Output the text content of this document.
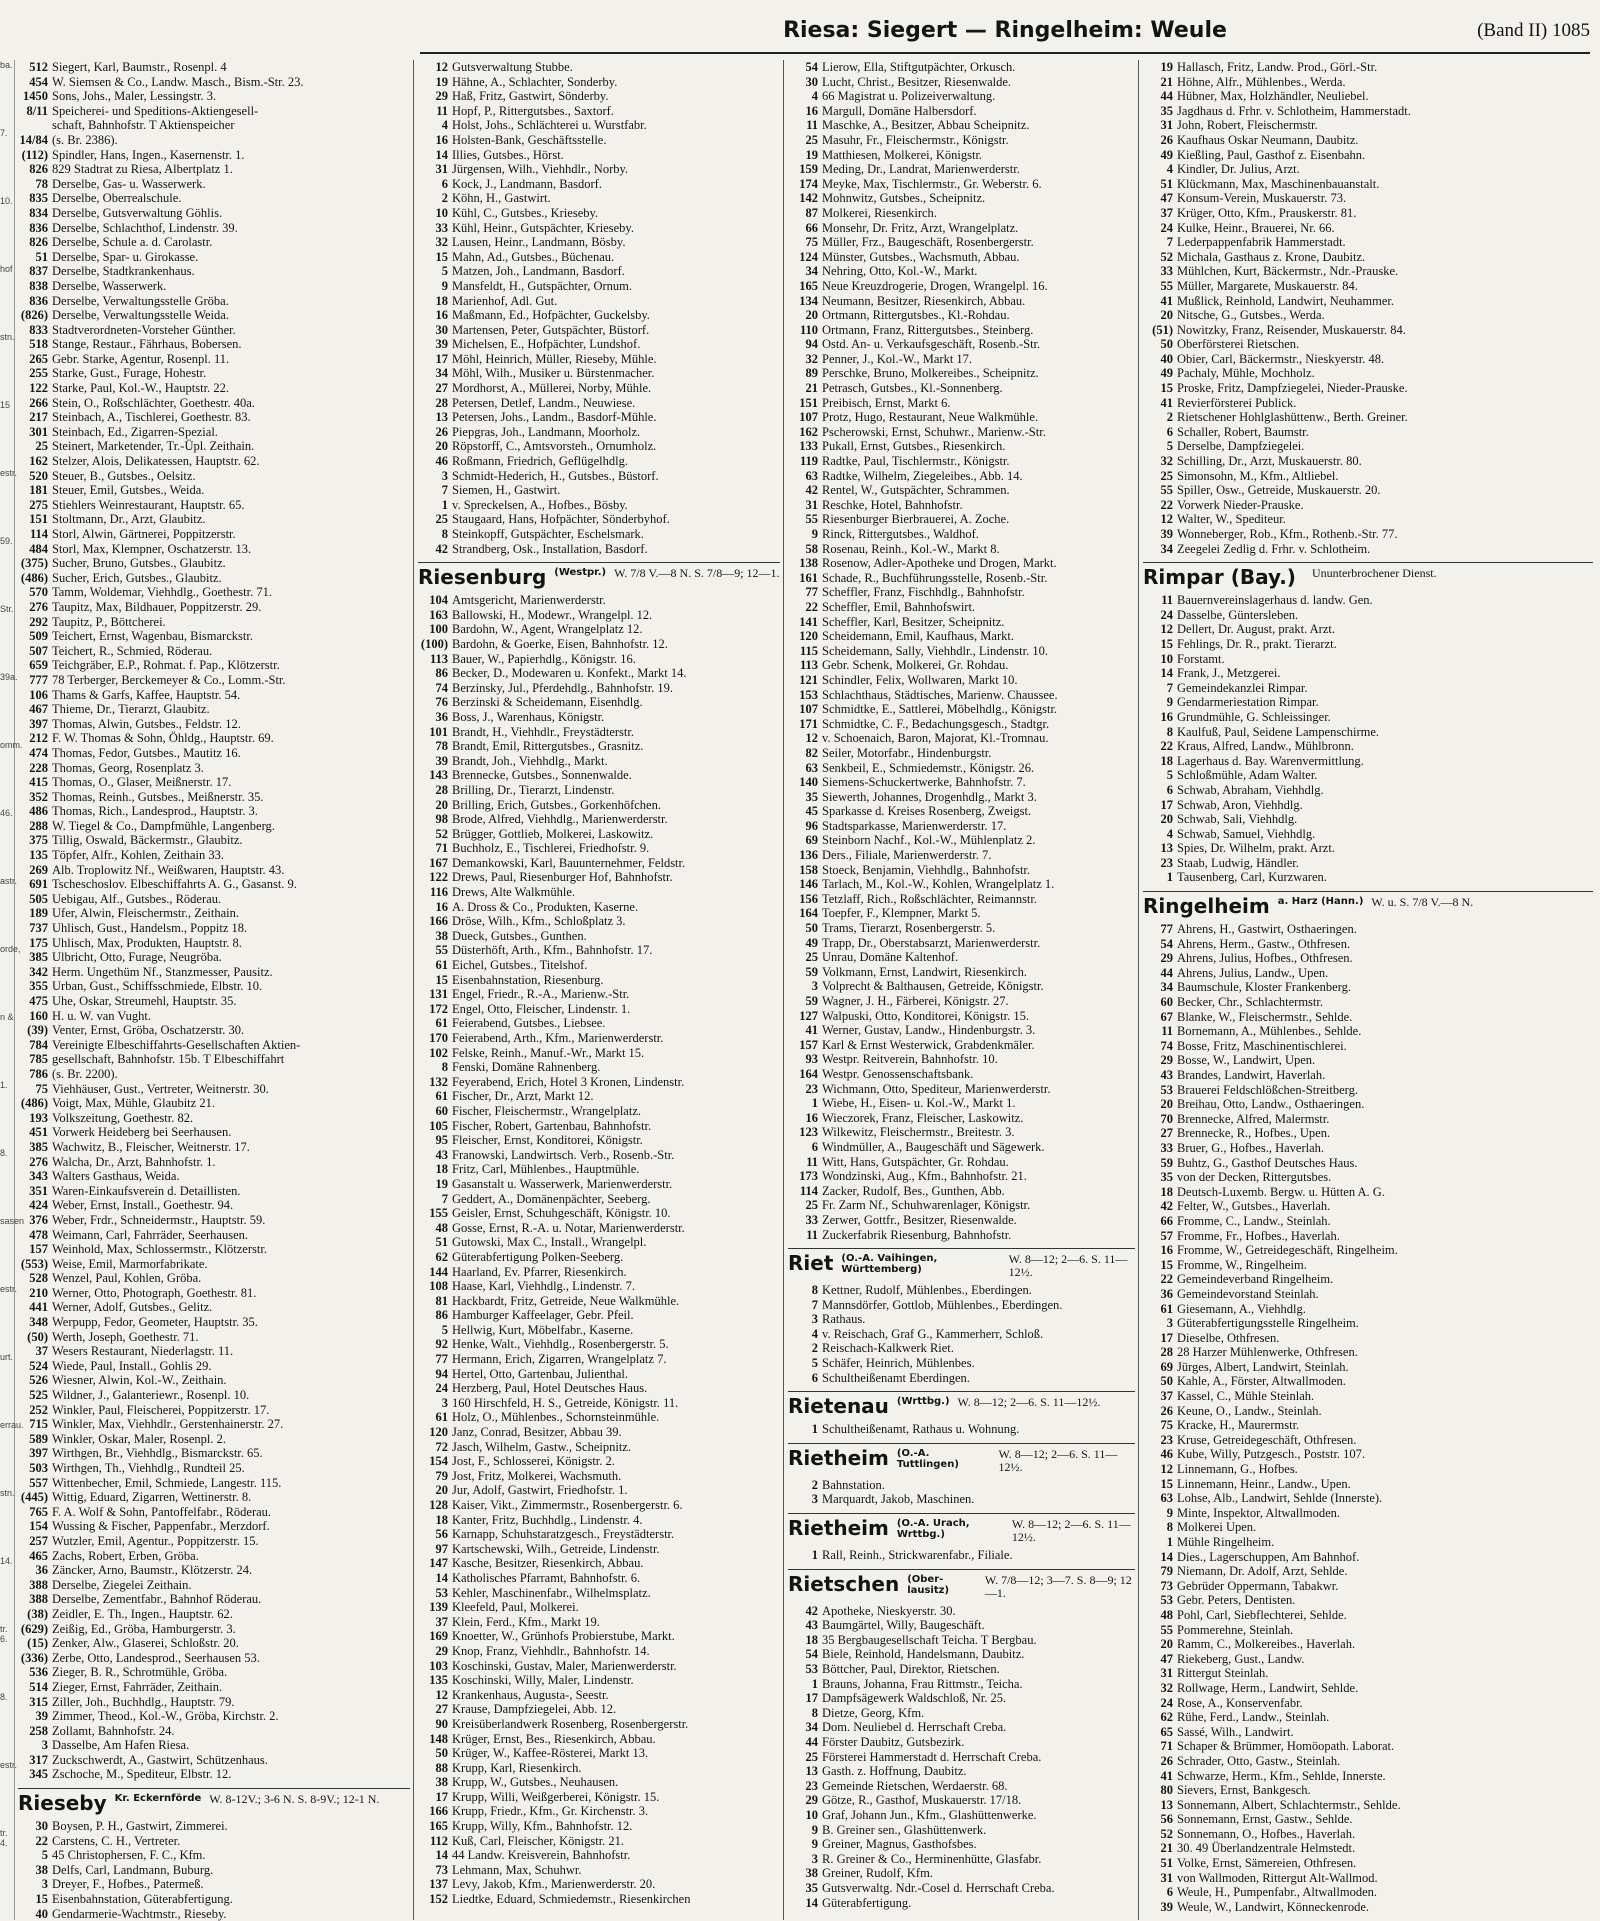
Riesa: Siegert — Ringelheim: Weule	(Band II) 1085
ba.
7.
10.
hof
stn.
15
estr.
59.
Str.
39a.
omm.
46.
astr.
orde,
n &
1.
8.
sasen
estr.
urt.
errau.
stn.
14.
tr. 6.
8.
estr.
tr. 4.
512 Siegert, Karl, Baumstr., Rosenpl. 4
454 W. Siemsen & Co., Landw. Masch., Bism.-Str. 23.
1450 Sons, Johs., Maler, Lessingstr. 3.
8/11 Speicherei- und Speditions-Aktiengesell-
schaft, Bahnhofstr. T Aktienspeicher
14/84 (s. Br. 2386).
(112) Spindler, Hans, Ingen., Kasernenstr. 1.
826 829 Stadtrat zu Riesa, Albertplatz 1.
78 Derselbe, Gas- u. Wasserwerk.
835 Derselbe, Oberrealschule.
834 Derselbe, Gutsverwaltung Göhlis.
836 Derselbe, Schlachthof, Lindenstr. 39.
826 Derselbe, Schule a. d. Carolastr.
51 Derselbe, Spar- u. Girokasse.
837 Derselbe, Stadtkrankenhaus.
838 Derselbe, Wasserwerk.
836 Derselbe, Verwaltungsstelle Gröba.
(826) Derselbe, Verwaltungsstelle Weida.
833 Stadtverordneten-Vorsteher Günther.
518 Stange, Restaur., Fährhaus, Bobersen.
265 Gebr. Starke, Agentur, Rosenpl. 11.
255 Starke, Gust., Furage, Hohestr.
122 Starke, Paul, Kol.-W., Hauptstr. 22.
266 Stein, O., Roßschlächter, Goethestr. 40a.
217 Steinbach, A., Tischlerei, Goethestr. 83.
301 Steinbach, Ed., Zigarren-Spezial.
25 Steinert, Marketender, Tr.-Üpl. Zeithain.
162 Stelzer, Alois, Delikatessen, Hauptstr. 62.
520 Steuer, B., Gutsbes., Oelsitz.
181 Steuer, Emil, Gutsbes., Weida.
275 Stiehlers Weinrestaurant, Hauptstr. 65.
151 Stoltmann, Dr., Arzt, Glaubitz.
114 Storl, Alwin, Gärtnerei, Poppitzerstr.
484 Storl, Max, Klempner, Oschatzerstr. 13.
(375) Sucher, Bruno, Gutsbes., Glaubitz.
(486) Sucher, Erich, Gutsbes., Glaubitz.
570 Tamm, Woldemar, Viehhdlg., Goethestr. 71.
276 Taupitz, Max, Bildhauer, Poppitzerstr. 29.
292 Taupitz, P., Böttcherei.
509 Teichert, Ernst, Wagenbau, Bismarckstr.
507 Teichert, R., Schmied, Röderau.
659 Teichgräber, E.P., Rohmat. f. Pap., Klötzerstr.
777 78 Terberger, Berckemeyer & Co., Lomm.-Str.
106 Thams & Garfs, Kaffee, Hauptstr. 54.
467 Thieme, Dr., Tierarzt, Glaubitz.
397 Thomas, Alwin, Gutsbes., Feldstr. 12.
212 F. W. Thomas & Sohn, Öhldg., Hauptstr. 69.
474 Thomas, Fedor, Gutsbes., Mautitz 16.
228 Thomas, Georg, Rosenplatz 3.
415 Thomas, O., Glaser, Meißnerstr. 17.
352 Thomas, Reinh., Gutsbes., Meißnerstr. 35.
486 Thomas, Rich., Landesprod., Hauptstr. 3.
288 W. Tiegel & Co., Dampfmühle, Langenberg.
375 Tillig, Oswald, Bäckermstr., Glaubitz.
135 Töpfer, Alfr., Kohlen, Zeithain 33.
269 Alb. Troplowitz Nf., Weißwaren, Hauptstr. 43.
691 Tscheschoslov. Elbeschiffahrts A. G., Gasanst. 9.
505 Uebigau, Alf., Gutsbes., Röderau.
189 Ufer, Alwin, Fleischermstr., Zeithain.
737 Uhlisch, Gust., Handelsm., Poppitz 18.
175 Uhlisch, Max, Produkten, Hauptstr. 8.
385 Ulbricht, Otto, Furage, Neugröba.
342 Herm. Ungethüm Nf., Stanzmesser, Pausitz.
355 Urban, Gust., Schiffsschmiede, Elbstr. 10.
475 Uhe, Oskar, Streumehl, Hauptstr. 35.
160 H. u. W. van Vught.
(39) Venter, Ernst, Gröba, Oschatzerstr. 30.
784 Vereinigte Elbeschiffahrts-Gesellschaften Aktien-
785 gesellschaft, Bahnhofstr. 15b. T Elbeschiffahrt
786 (s. Br. 2200).
75 Viehhäuser, Gust., Vertreter, Weitnerstr. 30.
(486) Voigt, Max, Mühle, Glaubitz 21.
193 Volkszeitung, Goethestr. 82.
451 Vorwerk Heideberg bei Seerhausen.
385 Wachwitz, B., Fleischer, Weitnerstr. 17.
276 Walcha, Dr., Arzt, Bahnhofstr. 1.
343 Walters Gasthaus, Weida.
351 Waren-Einkaufsverein d. Detaillisten.
424 Weber, Ernst, Install., Goethestr. 94.
376 Weber, Frdr., Schneidermstr., Hauptstr. 59.
478 Weimann, Carl, Fahrräder, Seerhausen.
157 Weinhold, Max, Schlossermstr., Klötzerstr.
(553) Weise, Emil, Marmorfabrikate.
528 Wenzel, Paul, Kohlen, Gröba.
210 Werner, Otto, Photograph, Goethestr. 81.
441 Werner, Adolf, Gutsbes., Gelitz.
348 Werpupp, Fedor, Geometer, Hauptstr. 35.
(50) Werth, Joseph, Goethestr. 71.
37 Wesers Restaurant, Niederlagstr. 11.
524 Wiede, Paul, Install., Gohlis 29.
526 Wiesner, Alwin, Kol.-W., Zeithain.
525 Wildner, J., Galanteriewr., Rosenpl. 10.
252 Winkler, Paul, Fleischerei, Poppitzerstr. 17.
715 Winkler, Max, Viehhdlr., Gerstenhainerstr. 27.
589 Winkler, Oskar, Maler, Rosenpl. 2.
397 Wirthgen, Br., Viehhdlg., Bismarckstr. 65.
503 Wirthgen, Th., Viehhdlg., Rundteil 25.
557 Wittenbecher, Emil, Schmiede, Langestr. 115.
(445) Wittig, Eduard, Zigarren, Wettinerstr. 8.
765 F. A. Wolf & Sohn, Pantoffelfabr., Röderau.
154 Wussing & Fischer, Pappenfabr., Merzdorf.
257 Wutzler, Emil, Agentur., Poppitzerstr. 15.
465 Zachs, Robert, Erben, Gröba.
36 Zäncker, Arno, Baumstr., Klötzerstr. 24.
388 Derselbe, Ziegelei Zeithain.
388 Derselbe, Zementfabr., Bahnhof Röderau.
(38) Zeidler, E. Th., Ingen., Hauptstr. 62.
(629) Zeißig, Ed., Gröba, Hamburgerstr. 3.
(15) Zenker, Alw., Glaserei, Schloßstr. 20.
(336) Zerbe, Otto, Landesprod., Seerhausen 53.
536 Zieger, B. R., Schrotmühle, Gröba.
514 Zieger, Ernst, Fahrräder, Zeithain.
315 Ziller, Joh., Buchhdlg., Hauptstr. 79.
39 Zimmer, Theod., Kol.-W., Gröba, Kirchstr. 2.
258 Zollamt, Bahnhofstr. 24.
3 Dasselbe, Am Hafen Riesa.
317 Zuckschwerdt, A., Gastwirt, Schützenhaus.
345 Zschoche, M., Spediteur, Elbstr. 12.
Rieseby Kr. Eckernförde W. 8-12V.; 3-6 N. S. 8-9V.; 12-1 N.
30 Boysen, P. H., Gastwirt, Zimmerei.
22 Carstens, C. H., Vertreter.
5 45 Christophersen, F. C., Kfm.
38 Delfs, Carl, Landmann, Buburg.
3 Dreyer, F., Hofbes., Patermeß.
15 Eisenbahnstation, Güterabfertigung.
40 Gendarmerie-Wachtmstr., Rieseby.
12 Gutsverwaltung Stubbe.
19 Hähne, A., Schlachter, Sonderby.
29 Haß, Fritz, Gastwirt, Sönderby.
11 Hopf, P., Rittergutsbes., Saxtorf.
4 Holst, Johs., Schlächterei u. Wurstfabr.
16 Holsten-Bank, Geschäftsstelle.
14 Illies, Gutsbes., Hörst.
31 Jürgensen, Wilh., Viehhdlr., Norby.
6 Kock, J., Landmann, Basdorf.
2 Köhn, H., Gastwirt.
10 Kühl, C., Gutsbes., Krieseby.
33 Kühl, Heinr., Gutspächter, Krieseby.
32 Lausen, Heinr., Landmann, Bösby.
15 Mahn, Ad., Gutsbes., Büchenau.
5 Matzen, Joh., Landmann, Basdorf.
9 Mansfeldt, H., Gutspächter, Ornum.
18 Marienhof, Adl. Gut.
16 Maßmann, Ed., Hofpächter, Guckelsby.
30 Martensen, Peter, Gutspächter, Büstorf.
39 Michelsen, E., Hofpächter, Lundshof.
17 Möhl, Heinrich, Müller, Rieseby, Mühle.
34 Möhl, Wilh., Musiker u. Bürstenmacher.
27 Mordhorst, A., Müllerei, Norby, Mühle.
28 Petersen, Detlef, Landm., Neuwiese.
13 Petersen, Johs., Landm., Basdorf-Mühle.
26 Piepgras, Joh., Landmann, Moorholz.
20 Röpstorff, C., Amtsvorsteh., Ornumholz.
46 Roßmann, Friedrich, Geflügelhdlg.
3 Schmidt-Hederich, H., Gutsbes., Büstorf.
7 Siemen, H., Gastwirt.
1 v. Spreckelsen, A., Hofbes., Bösby.
25 Staugaard, Hans, Hofpächter, Sönderbyhof.
8 Steinkopff, Gutspächter, Eschelsmark.
42 Strandberg, Osk., Installation, Basdorf.
Riesenburg (Westpr.) W. 7/8 V.—8 N. S. 7/8—9; 12—1.
104 Amtsgericht, Marienwerderstr.
163 Ballowski, H., Modewr., Wrangelpl. 12.
100 Bardohn, W., Agent, Wrangelplatz 12.
(100) Bardohn, & Goerke, Eisen, Bahnhofstr. 12.
113 Bauer, W., Papierhdlg., Königstr. 16.
86 Becker, D., Modewaren u. Konfekt., Markt 14.
74 Berzinsky, Jul., Pferdehdlg., Bahnhofstr. 19.
76 Berzinski & Scheidemann, Eisenhdlg.
36 Boss, J., Warenhaus, Königstr.
101 Brandt, H., Viehhdlr., Freystädterstr.
78 Brandt, Emil, Rittergutsbes., Grasnitz.
39 Brandt, Joh., Viehhdlg., Markt.
143 Brennecke, Gutsbes., Sonnenwalde.
28 Brilling, Dr., Tierarzt, Lindenstr.
20 Brilling, Erich, Gutsbes., Gorkenhöfchen.
98 Brode, Alfred, Viehhdlg., Marienwerderstr.
52 Brügger, Gottlieb, Molkerei, Laskowitz.
71 Buchholz, E., Tischlerei, Friedhofstr. 9.
167 Demankowski, Karl, Bauunternehmer, Feldstr.
122 Drews, Paul, Riesenburger Hof, Bahnhofstr.
116 Drews, Alte Walkmühle.
16 A. Dross & Co., Produkten, Kaserne.
166 Dröse, Wilh., Kfm., Schloßplatz 3.
38 Dueck, Gutsbes., Gunthen.
55 Düsterhöft, Arth., Kfm., Bahnhofstr. 17.
61 Eichel, Gutsbes., Titelshof.
15 Eisenbahnstation, Riesenburg.
131 Engel, Friedr., R.-A., Marienw.-Str.
172 Engel, Otto, Fleischer, Lindenstr. 1.
61 Feierabend, Gutsbes., Liebsee.
170 Feierabend, Arth., Kfm., Marienwerderstr.
102 Felske, Reinh., Manuf.-Wr., Markt 15.
8 Fenski, Domäne Rahnenberg.
132 Feyerabend, Erich, Hotel 3 Kronen, Lindenstr.
61 Fischer, Dr., Arzt, Markt 12.
60 Fischer, Fleischermstr., Wrangelplatz.
105 Fischer, Robert, Gartenbau, Bahnhofstr.
95 Fleischer, Ernst, Konditorei, Königstr.
43 Franowski, Landwirtsch. Verb., Rosenb.-Str.
18 Fritz, Carl, Mühlenbes., Hauptmühle.
19 Gasanstalt u. Wasserwerk, Marienwerderstr.
7 Geddert, A., Domänenpächter, Seeberg.
155 Geisler, Ernst, Schuhgeschäft, Königstr. 10.
48 Gosse, Ernst, R.-A. u. Notar, Marienwerderstr.
51 Gutowski, Max C., Install., Wrangelpl.
62 Güterabfertigung Polken-Seeberg.
144 Haarland, Ev. Pfarrer, Riesenkirch.
108 Haase, Karl, Viehhdlg., Lindenstr. 7.
81 Hackbardt, Fritz, Getreide, Neue Walkmühle.
86 Hamburger Kaffeelager, Gebr. Pfeil.
5 Hellwig, Kurt, Möbelfabr., Kaserne.
92 Henke, Walt., Viehhdlg., Rosenbergerstr. 5.
77 Hermann, Erich, Zigarren, Wrangelplatz 7.
94 Hertel, Otto, Gartenbau, Julienthal.
24 Herzberg, Paul, Hotel Deutsches Haus.
3 160 Hirschfeld, H. S., Getreide, Königstr. 11.
61 Holz, O., Mühlenbes., Schornsteinmühle.
120 Janz, Conrad, Besitzer, Abbau 39.
72 Jasch, Wilhelm, Gastw., Scheipnitz.
154 Jost, F., Schlosserei, Königstr. 2.
79 Jost, Fritz, Molkerei, Wachsmuth.
20 Jur, Adolf, Gastwirt, Friedhofstr. 1.
128 Kaiser, Vikt., Zimmermstr., Rosenbergerstr. 6.
18 Kanter, Fritz, Buchhdlg., Lindenstr. 4.
56 Karnapp, Schuhstaratzgesch., Freystädterstr.
97 Kartschewski, Wilh., Getreide, Lindenstr.
147 Kasche, Besitzer, Riesenkirch, Abbau.
14 Katholisches Pfarramt, Bahnhofstr. 6.
53 Kehler, Maschinenfabr., Wilhelmsplatz.
139 Kleefeld, Paul, Molkerei.
37 Klein, Ferd., Kfm., Markt 19.
169 Knoetter, W., Grünhofs Probierstube, Markt.
29 Knop, Franz, Viehhdlr., Bahnhofstr. 14.
103 Koschinski, Gustav, Maler, Marienwerderstr.
135 Koschinski, Willy, Maler, Lindenstr.
12 Krankenhaus, Augusta-, Seestr.
27 Krause, Dampfziegelei, Abb. 12.
90 Kreisüberlandwerk Rosenberg, Rosenbergerstr.
148 Krüger, Ernst, Bes., Riesenkirch, Abbau.
50 Krüger, W., Kaffee-Rösterei, Markt 13.
88 Krupp, Karl, Riesenkirch.
38 Krupp, W., Gutsbes., Neuhausen.
17 Krupp, Willi, Weißgerberei, Königstr. 15.
166 Krupp, Friedr., Kfm., Gr. Kirchenstr. 3.
165 Krupp, Willy, Kfm., Bahnhofstr. 12.
112 Kuß, Carl, Fleischer, Königstr. 21.
14 44 Landw. Kreisverein, Bahnhofstr.
73 Lehmann, Max, Schuhwr.
137 Levy, Jakob, Kfm., Marienwerderstr. 20.
152 Liedtke, Eduard, Schmiedemstr., Riesenkirchen
54 Lierow, Ella, Stiftgutpächter, Orkusch.
30 Lucht, Christ., Besitzer, Riesenwalde.
4 66 Magistrat u. Polizeiverwaltung.
16 Margull, Domäne Halbersdorf.
11 Maschke, A., Besitzer, Abbau Scheipnitz.
25 Masuhr, Fr., Fleischermstr., Königstr.
19 Matthiesen, Molkerei, Königstr.
159 Meding, Dr., Landrat, Marienwerderstr.
174 Meyke, Max, Tischlermstr., Gr. Weberstr. 6.
142 Mohnwitz, Gutsbes., Scheipnitz.
87 Molkerei, Riesenkirch.
66 Monsehr, Dr. Fritz, Arzt, Wrangelplatz.
75 Müller, Frz., Baugeschäft, Rosenbergerstr.
124 Münster, Gutsbes., Wachsmuth, Abbau.
34 Nehring, Otto, Kol.-W., Markt.
165 Neue Kreuzdrogerie, Drogen, Wrangelpl. 16.
134 Neumann, Besitzer, Riesenkirch, Abbau.
20 Ortmann, Rittergutsbes., Kl.-Rohdau.
110 Ortmann, Franz, Rittergutsbes., Steinberg.
94 Ostd. An- u. Verkaufsgeschäft, Rosenb.-Str.
32 Penner, J., Kol.-W., Markt 17.
89 Perschke, Bruno, Molkereibes., Scheipnitz.
21 Petrasch, Gutsbes., Kl.-Sonnenberg.
151 Preibisch, Ernst, Markt 6.
107 Protz, Hugo, Restaurant, Neue Walkmühle.
162 Pscherowski, Ernst, Schuhwr., Marienw.-Str.
133 Pukall, Ernst, Gutsbes., Riesenkirch.
119 Radtke, Paul, Tischlermstr., Königstr.
63 Radtke, Wilhelm, Ziegeleibes., Abb. 14.
42 Rentel, W., Gutspächter, Schrammen.
31 Reschke, Hotel, Bahnhofstr.
55 Riesenburger Bierbrauerei, A. Zoche.
9 Rinck, Rittergutsbes., Waldhof.
58 Rosenau, Reinh., Kol.-W., Markt 8.
138 Rosenow, Adler-Apotheke und Drogen, Markt.
161 Schade, R., Buchführungsstelle, Rosenb.-Str.
77 Scheffler, Franz, Fischhdlg., Bahnhofstr.
22 Scheffler, Emil, Bahnhofswirt.
141 Scheffler, Karl, Besitzer, Scheipnitz.
120 Scheidemann, Emil, Kaufhaus, Markt.
115 Scheidemann, Sally, Viehhdlr., Lindenstr. 10.
113 Gebr. Schenk, Molkerei, Gr. Rohdau.
121 Schindler, Felix, Wollwaren, Markt 10.
153 Schlachthaus, Städtisches, Marienw. Chaussee.
107 Schmidtke, E., Sattlerei, Möbelhdlg., Königstr.
171 Schmidtke, C. F., Bedachungsgesch., Stadtgr.
12 v. Schoenaich, Baron, Majorat, Kl.-Tromnau.
82 Seiler, Motorfabr., Hindenburgstr.
63 Senkbeil, E., Schmiedemstr., Königstr. 26.
140 Siemens-Schuckertwerke, Bahnhofstr. 7.
35 Siewerth, Johannes, Drogenhdlg., Markt 3.
45 Sparkasse d. Kreises Rosenberg, Zweigst.
96 Stadtsparkasse, Marienwerderstr. 17.
69 Steinborn Nachf., Kol.-W., Mühlenplatz 2.
136 Ders., Filiale, Marienwerderstr. 7.
158 Stoeck, Benjamin, Viehhdlg., Bahnhofstr.
146 Tarlach, M., Kol.-W., Kohlen, Wrangelplatz 1.
156 Tetzlaff, Rich., Roßschlächter, Reimannstr.
164 Toepfer, F., Klempner, Markt 5.
50 Trams, Tierarzt, Rosenbergerstr. 5.
49 Trapp, Dr., Oberstabsarzt, Marienwerderstr.
25 Unrau, Domäne Kaltenhof.
59 Volkmann, Ernst, Landwirt, Riesenkirch.
3 Volprecht & Balthausen, Getreide, Königstr.
59 Wagner, J. H., Färberei, Königstr. 27.
127 Walpuski, Otto, Konditorei, Königstr. 15.
41 Werner, Gustav, Landw., Hindenburgstr. 3.
157 Karl & Ernst Westerwick, Grabdenkmäler.
93 Westpr. Reitverein, Bahnhofstr. 10.
164 Westpr. Genossenschaftsbank.
23 Wichmann, Otto, Spediteur, Marienwerderstr.
1 Wiebe, H., Eisen- u. Kol.-W., Markt 1.
16 Wieczorek, Franz, Fleischer, Laskowitz.
123 Wilkewitz, Fleischermstr., Breitestr. 3.
6 Windmüller, A., Baugeschäft und Sägewerk.
11 Witt, Hans, Gutspächter, Gr. Rohdau.
173 Wondzinski, Aug., Kfm., Bahnhofstr. 21.
114 Zacker, Rudolf, Bes., Gunthen, Abb.
25 Fr. Zarm Nf., Schuhwarenlager, Königstr.
33 Zerwer, Gottfr., Besitzer, Riesenwalde.
11 Zuckerfabrik Riesenburg, Bahnhofstr.
Riet (O.-A. Vaihingen, Württemberg)
W. 8—12; 2—6. S. 11—12½.
8 Kettner, Rudolf, Mühlenbes., Eberdingen.
7 Mannsdörfer, Gottlob, Mühlenbes., Eberdingen.
3 Rathaus.
4 v. Reischach, Graf G., Kammerherr, Schloß.
2 Reischach-Kalkwerk Riet.
5 Schäfer, Heinrich, Mühlenbes.
6 Schultheißenamt Eberdingen.
Rietenau (Wrttbg.) W. 8—12; 2—6. S. 11—12½.
1 Schultheißenamt, Rathaus u. Wohnung.
Rietheim (O.-A. Tuttlingen)
W. 8—12; 2—6. S. 11—12½.
2 Bahnstation.
3 Marquardt, Jakob, Maschinen.
Rietheim (O.-A. Urach, Wrttbg.)
W. 8—12; 2—6. S. 11—12½.
1 Rall, Reinh., Strickwarenfabr., Filiale.
Rietschen (Ober-lausitz)
W. 7/8—12; 3—7. S. 8—9; 12—1.
42 Apotheke, Nieskyerstr. 30.
43 Baumgärtel, Willy, Baugeschäft.
18 35 Bergbaugesellschaft Teicha. T Bergbau.
54 Biele, Reinhold, Handelsmann, Daubitz.
53 Böttcher, Paul, Direktor, Rietschen.
1 Brauns, Johanna, Frau Rittmstr., Teicha.
17 Dampfsägewerk Waldschloß, Nr. 25.
8 Dietze, Georg, Kfm.
34 Dom. Neuliebel d. Herrschaft Creba.
44 Förster Daubitz, Gutsbezirk.
25 Försterei Hammerstadt d. Herrschaft Creba.
13 Gasth. z. Hoffnung, Daubitz.
23 Gemeinde Rietschen, Werdaerstr. 68.
29 Götze, R., Gasthof, Muskauerstr. 17/18.
10 Graf, Johann Jun., Kfm., Glashüttenwerke.
9 B. Greiner sen., Glashüttenwerk.
9 Greiner, Magnus, Gasthofsbes.
3 R. Greiner & Co., Herminenhütte, Glasfabr.
38 Greiner, Rudolf, Kfm.
35 Gutsverwaltg. Ndr.-Cosel d. Herrschaft Creba.
14 Güterabfertigung.
19 Hallasch, Fritz, Landw. Prod., Görl.-Str.
21 Höhne, Alfr., Mühlenbes., Werda.
44 Hübner, Max, Holzhändler, Neuliebel.
35 Jagdhaus d. Frhr. v. Schlotheim, Hammerstadt.
31 John, Robert, Fleischermstr.
26 Kaufhaus Oskar Neumann, Daubitz.
49 Kießling, Paul, Gasthof z. Eisenbahn.
4 Kindler, Dr. Julius, Arzt.
51 Klückmann, Max, Maschinenbauanstalt.
47 Konsum-Verein, Muskauerstr. 73.
37 Krüger, Otto, Kfm., Prauskerstr. 81.
24 Kulke, Heinr., Brauerei, Nr. 66.
7 Lederpappenfabrik Hammerstadt.
52 Michala, Gasthaus z. Krone, Daubitz.
33 Mühlchen, Kurt, Bäckermstr., Ndr.-Prauske.
55 Müller, Margarete, Muskauerstr. 84.
41 Mußlick, Reinhold, Landwirt, Neuhammer.
20 Nitsche, G., Gutsbes., Werda.
(51) Nowitzky, Franz, Reisender, Muskauerstr. 84.
50 Oberförsterei Rietschen.
40 Obier, Carl, Bäckermstr., Nieskyerstr. 48.
49 Pachaly, Mühle, Mochholz.
15 Proske, Fritz, Dampfziegelei, Nieder-Prauske.
41 Revierförsterei Publick.
2 Rietschener Hohlglashüttenw., Berth. Greiner.
6 Schaller, Robert, Baumstr.
5 Derselbe, Dampfziegelei.
32 Schilling, Dr., Arzt, Muskauerstr. 80.
25 Simonsohn, M., Kfm., Altliebel.
55 Spiller, Osw., Getreide, Muskauerstr. 20.
22 Vorwerk Nieder-Prauske.
12 Walter, W., Spediteur.
39 Wonneberger, Rob., Kfm., Rothenb.-Str. 77.
34 Zeegelei Zedlig d. Frhr. v. Schlotheim.
Rimpar (Bay.) Ununterbrochener Dienst.
11 Bauernvereinslagerhaus d. landw. Gen.
24 Dasselbe, Güntersleben.
12 Dellert, Dr. August, prakt. Arzt.
15 Fehlings, Dr. R., prakt. Tierarzt.
10 Forstamt.
14 Frank, J., Metzgerei.
7 Gemeindekanzlei Rimpar.
9 Gendarmeriestation Rimpar.
16 Grundmühle, G. Schleissinger.
8 Kaulfuß, Paul, Seidene Lampenschirme.
22 Kraus, Alfred, Landw., Mühlbronn.
18 Lagerhaus d. Bay. Warenvermittlung.
5 Schloßmühle, Adam Walter.
6 Schwab, Abraham, Viehhdlg.
17 Schwab, Aron, Viehhdlg.
20 Schwab, Sali, Viehhdlg.
4 Schwab, Samuel, Viehhdlg.
13 Spies, Dr. Wilhelm, prakt. Arzt.
23 Staab, Ludwig, Händler.
1 Tausenberg, Carl, Kurzwaren.
Ringelheim a. Harz (Hann.) W. u. S. 7/8 V.—8 N.
77 Ahrens, H., Gastwirt, Osthaeringen.
54 Ahrens, Herm., Gastw., Othfresen.
29 Ahrens, Julius, Hofbes., Othfresen.
44 Ahrens, Julius, Landw., Upen.
34 Baumschule, Kloster Frankenberg.
60 Becker, Chr., Schlachtermstr.
67 Blanke, W., Fleischermstr., Sehlde.
11 Bornemann, A., Mühlenbes., Sehlde.
74 Bosse, Fritz, Maschinentischlerei.
29 Bosse, W., Landwirt, Upen.
43 Brandes, Landwirt, Haverlah.
53 Brauerei Feldschlößchen-Streitberg.
20 Breihau, Otto, Landw., Osthaeringen.
70 Brennecke, Alfred, Malermstr.
27 Brennecke, R., Hofbes., Upen.
33 Bruer, G., Hofbes., Haverlah.
59 Buhtz, G., Gasthof Deutsches Haus.
35 von der Decken, Rittergutsbes.
18 Deutsch-Luxemb. Bergw. u. Hütten A. G.
42 Felter, W., Gutsbes., Haverlah.
66 Fromme, C., Landw., Steinlah.
57 Fromme, Fr., Hofbes., Haverlah.
16 Fromme, W., Getreidegeschäft, Ringelheim.
15 Fromme, W., Ringelheim.
22 Gemeindeverband Ringelheim.
36 Gemeindevorstand Steinlah.
61 Giesemann, A., Viehhdlg.
3 Güterabfertigungsstelle Ringelheim.
17 Dieselbe, Othfresen.
28 28 Harzer Mühlenwerke, Othfresen.
69 Jürges, Albert, Landwirt, Steinlah.
50 Kahle, A., Förster, Altwallmoden.
37 Kassel, C., Mühle Steinlah.
26 Keune, O., Landw., Steinlah.
75 Kracke, H., Maurermstr.
23 Kruse, Getreidegeschäft, Othfresen.
46 Kube, Willy, Putzgesch., Poststr. 107.
12 Linnemann, G., Hofbes.
15 Linnemann, Heinr., Landw., Upen.
63 Lohse, Alb., Landwirt, Sehlde (Innerste).
9 Minte, Inspektor, Altwallmoden.
8 Molkerei Upen.
1 Mühle Ringelheim.
14 Dies., Lagerschuppen, Am Bahnhof.
79 Niemann, Dr. Adolf, Arzt, Sehlde.
73 Gebrüder Oppermann, Tabakwr.
53 Gebr. Peters, Dentisten.
48 Pohl, Carl, Siebflechterei, Sehlde.
55 Pommerehne, Steinlah.
20 Ramm, C., Molkereibes., Haverlah.
47 Riekeberg, Gust., Landw.
31 Rittergut Steinlah.
32 Rollwage, Herm., Landwirt, Sehlde.
24 Rose, A., Konservenfabr.
62 Rühe, Ferd., Landw., Steinlah.
65 Sassé, Wilh., Landwirt.
71 Schaper & Brümmer, Homöopath. Laborat.
26 Schrader, Otto, Gastw., Steinlah.
41 Schwarze, Herm., Kfm., Sehlde, Innerste.
80 Sievers, Ernst, Bankgesch.
13 Sonnemann, Albert, Schlachtermstr., Sehlde.
56 Sonnemann, Ernst, Gastw., Sehlde.
52 Sonnemann, O., Hofbes., Haverlah.
21 30. 49 Überlandzentrale Helmstedt.
51 Volke, Ernst, Sämereien, Othfresen.
31 von Wallmoden, Rittergut Alt-Wallmod.
6 Weule, H., Pumpenfabr., Altwallmoden.
39 Weule, W., Landwirt, Könneckenrode.
